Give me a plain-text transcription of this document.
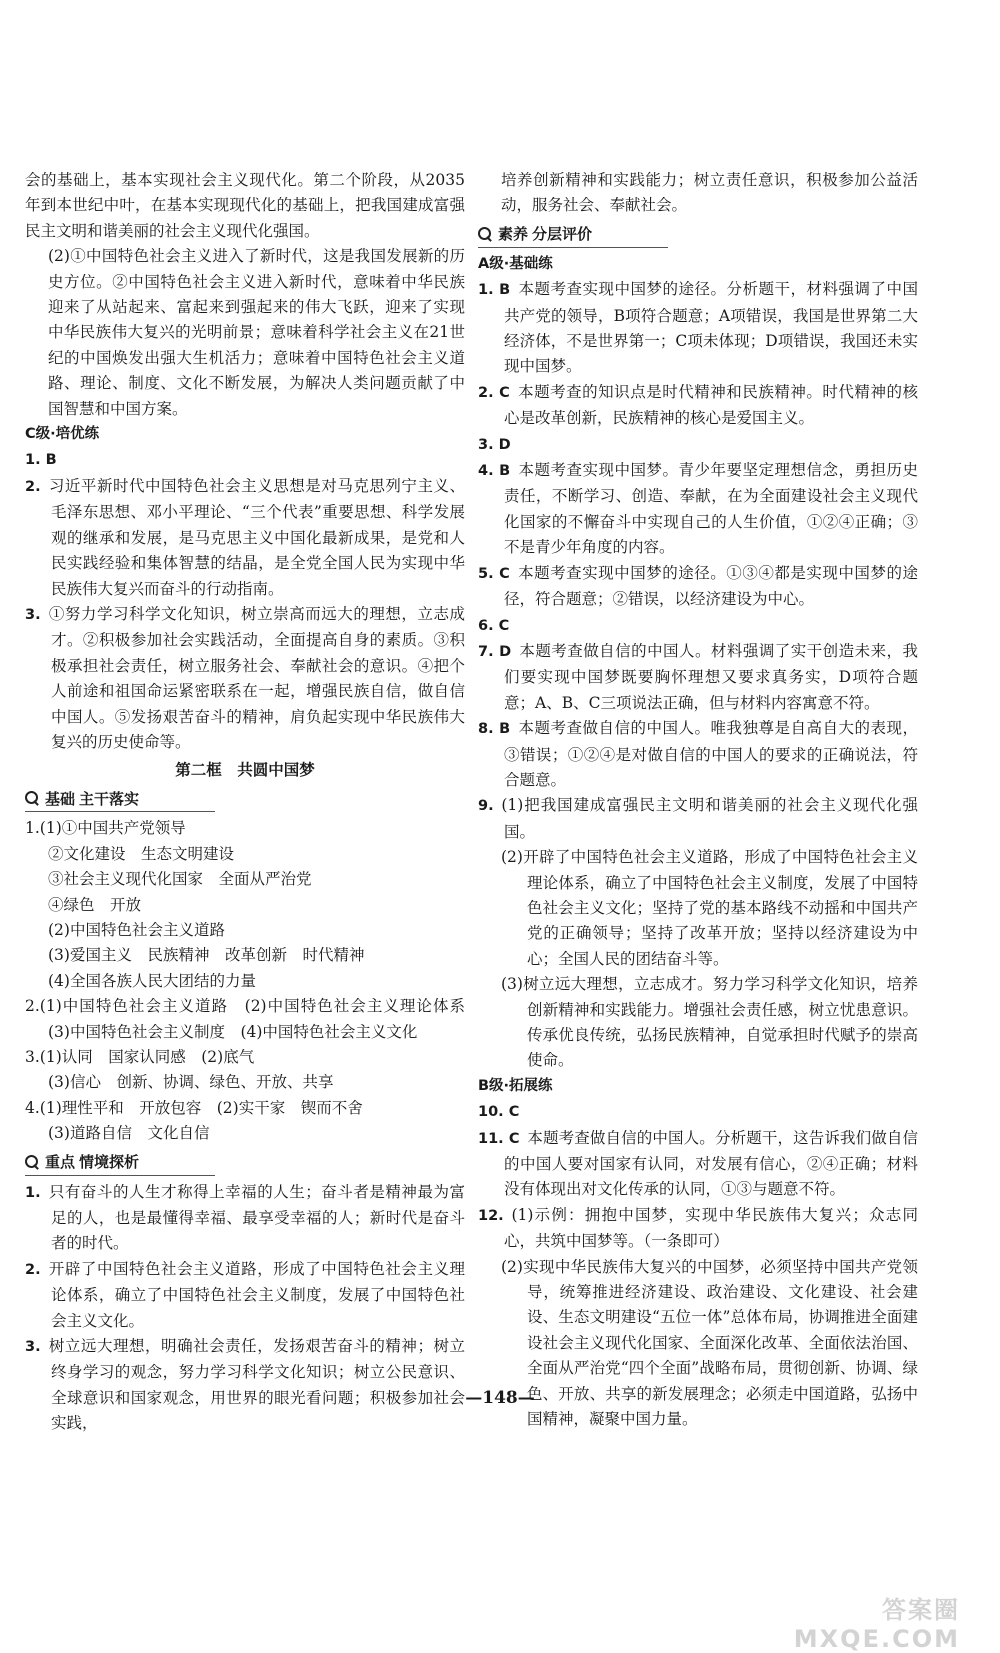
会的基础上，基本实现社会主义现代化。第二个阶段，从2035年到本世纪中叶，在基本实现现代化的基础上，把我国建成富强民主文明和谐美丽的社会主义现代化强国。

(2)①中国特色社会主义进入了新时代，这是我国发展新的历史方位。②中国特色社会主义进入新时代，意味着中华民族迎来了从站起来、富起来到强起来的伟大飞跃，迎来了实现中华民族伟大复兴的光明前景；意味着科学社会主义在21世纪的中国焕发出强大生机活力；意味着中国特色社会主义道路、理论、制度、文化不断发展，为解决人类问题贡献了中国智慧和中国方案。

C级·培优练

1. B 

2.  习近平新时代中国特色社会主义思想是对马克思列宁主义、毛泽东思想、邓小平理论、“三个代表”重要思想、科学发展观的继承和发展，是马克思主义中国化最新成果，是党和人民实践经验和集体智慧的结晶，是全党全国人民为实现中华民族伟大复兴而奋斗的行动指南。

3.  ①努力学习科学文化知识，树立崇高而远大的理想，立志成才。②积极参加社会实践活动，全面提高自身的素质。③积极承担社会责任，树立服务社会、奉献社会的意识。④把个人前途和祖国命运紧密联系在一起，增强民族自信，做自信中国人。⑤发扬艰苦奋斗的精神，肩负起实现中华民族伟大复兴的历史使命等。

第二框　共圆中国梦
基础 主干落实

1.(1)①中国共产党领导

②文化建设　生态文明建设

③社会主义现代化国家　全面从严治党

④绿色　开放

(2)中国特色社会主义道路

(3)爱国主义　民族精神　改革创新　时代精神

(4)全国各族人民大团结的力量

2.(1)中国特色社会主义道路　(2)中国特色社会主义理论体系　(3)中国特色社会主义制度　(4)中国特色社会主义文化

3.(1)认同　国家认同感　(2)底气

(3)信心　创新、协调、绿色、开放、共享

4.(1)理性平和　开放包容　(2)实干家　锲而不舍

(3)道路自信　文化自信

重点 情境探析

1.  只有奋斗的人生才称得上幸福的人生；奋斗者是精神最为富足的人，也是最懂得幸福、最享受幸福的人；新时代是奋斗者的时代。

2.  开辟了中国特色社会主义道路，形成了中国特色社会主义理论体系，确立了中国特色社会主义制度，发展了中国特色社会主义文化。

3.  树立远大理想，明确社会责任，发扬艰苦奋斗的精神；树立终身学习的观念，努力学习科学文化知识；树立公民意识、全球意识和国家观念，用世界的眼光看问题；积极参加社会实践，

培养创新精神和实践能力；树立责任意识，积极参加公益活动，服务社会、奉献社会。

素养 分层评价

A级·基础练

1. B  本题考查实现中国梦的途径。分析题干，材料强调了中国共产党的领导，B项符合题意；A项错误，我国是世界第二大经济体，不是世界第一；C项未体现；D项错误，我国还未实现中国梦。

2. C  本题考查的知识点是时代精神和民族精神。时代精神的核心是改革创新，民族精神的核心是爱国主义。

3. D 

4. B  本题考查实现中国梦。青少年要坚定理想信念，勇担历史责任，不断学习、创造、奉献，在为全面建设社会主义现代化国家的不懈奋斗中实现自己的人生价值，①②④正确；③不是青少年角度的内容。

5. C  本题考查实现中国梦的途径。①③④都是实现中国梦的途径，符合题意；②错误，以经济建设为中心。

6. C 

7. D  本题考查做自信的中国人。材料强调了实干创造未来，我们要实现中国梦既要胸怀理想又要求真务实，D项符合题意；A、B、C三项说法正确，但与材料内容寓意不符。

8. B  本题考查做自信的中国人。唯我独尊是自高自大的表现，③错误；①②④是对做自信的中国人的要求的正确说法，符合题意。

9.  (1)把我国建成富强民主文明和谐美丽的社会主义现代化强国。

(2)开辟了中国特色社会主义道路，形成了中国特色社会主义理论体系，确立了中国特色社会主义制度，发展了中国特色社会主义文化；坚持了党的基本路线不动摇和中国共产党的正确领导；坚持了改革开放；坚持以经济建设为中心；全国人民的团结奋斗等。

(3)树立远大理想，立志成才。努力学习科学文化知识，培养创新精神和实践能力。增强社会责任感，树立忧患意识。传承优良传统，弘扬民族精神，自觉承担时代赋予的崇高使命。

B级·拓展练

10. C 

11. C  本题考查做自信的中国人。分析题干，这告诉我们做自信的中国人要对国家有认同，对发展有信心，②④正确；材料没有体现出对文化传承的认同，①③与题意不符。

12.  (1)示例：拥抱中国梦，实现中华民族伟大复兴；众志同心，共筑中国梦等。（一条即可）

(2)实现中华民族伟大复兴的中国梦，必须坚持中国共产党领导，统筹推进经济建设、政治建设、文化建设、社会建设、生态文明建设“五位一体”总体布局，协调推进全面建设社会主义现代化国家、全面深化改革、全面依法治国、全面从严治党“四个全面”战略布局，贯彻创新、协调、绿色、开放、共享的新发展理念；必须走中国道路，弘扬中国精神，凝聚中国力量。

—148—
答案圈 MXQE.COM
